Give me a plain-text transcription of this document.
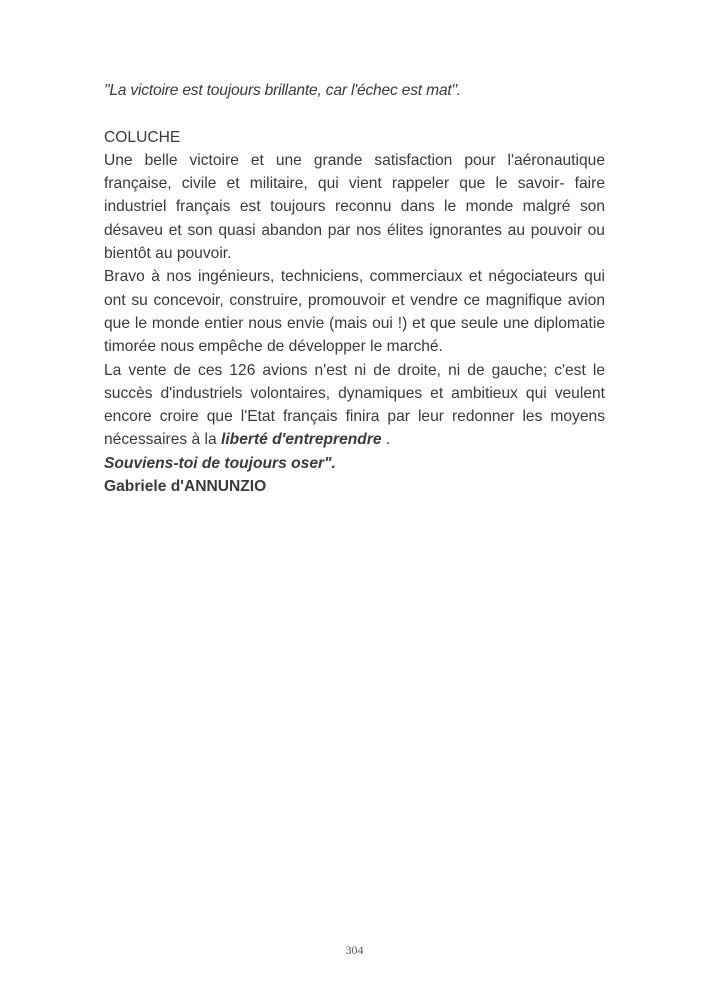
"La victoire est toujours brillante, car l'échec est mat".

COLUCHE

Une belle victoire et une grande satisfaction pour l'aéronautique française, civile et militaire, qui vient rappeler que le savoir- faire industriel français est toujours reconnu dans le monde malgré son désaveu et son quasi abandon par nos élites ignorantes au pouvoir ou bientôt au pouvoir.

Bravo à nos ingénieurs, techniciens, commerciaux et négociateurs qui ont su concevoir, construire, promouvoir et vendre ce magnifique avion que le monde entier nous envie (mais oui !) et que seule une diplomatie timorée nous empêche de développer le marché.

La vente de ces 126 avions n'est ni de droite, ni de gauche; c'est le succès d'industriels volontaires, dynamiques et ambitieux qui veulent encore croire que l'Etat français finira par leur redonner les moyens nécessaires à la liberté d'entreprendre .

Souviens-toi de toujours oser".

Gabriele d'ANNUNZIO

304
